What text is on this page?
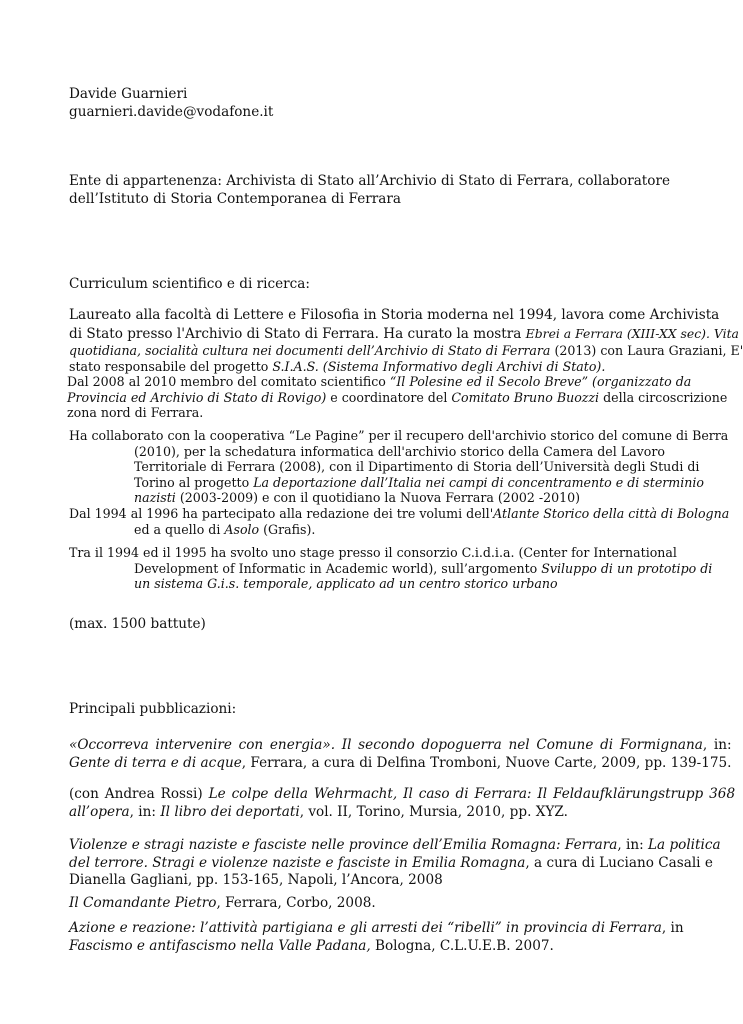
Davide Guarnieri
guarnieri.davide@vodafone.it
Ente di appartenenza: Archivista di Stato all’Archivio di Stato di Ferrara, collaboratore
dell’Istituto di Storia Contemporanea di Ferrara
Curriculum scientifico e di ricerca:
Laureato alla facoltà di Lettere e Filosofia in Storia moderna nel 1994, lavora come Archivista
di Stato presso l'Archivio di Stato di Ferrara. Ha curato la mostra Ebrei a Ferrara (XIII-XX sec). Vita
quotidiana, socialità cultura nei documenti dell’Archivio di Stato di Ferrara (2013) con Laura Graziani, E'
stato responsabile del progetto S.I.A.S. (Sistema Informativo degli Archivi di Stato).
Dal 2008 al 2010 membro del comitato scientifico “Il Polesine ed il Secolo Breve” (organizzato da
Provincia ed Archivio di Stato di Rovigo) e coordinatore del Comitato Bruno Buozzi della circoscrizione
zona nord di Ferrara.
Ha collaborato con la cooperativa “Le Pagine” per il recupero dell'archivio storico del comune di Berra
(2010), per la schedatura informatica dell'archivio storico della Camera del Lavoro
Territoriale di Ferrara (2008), con il Dipartimento di Storia dell’Università degli Studi di
Torino al progetto La deportazione dall’Italia nei campi di concentramento e di sterminio
nazisti (2003-2009) e con il quotidiano la Nuova Ferrara (2002 -2010)
Dal 1994 al 1996 ha partecipato alla redazione dei tre volumi dell'Atlante Storico della città di Bologna
ed a quello di Asolo (Grafis).
Tra il 1994 ed il 1995 ha svolto uno stage presso il consorzio C.i.d.i.a. (Center for International
Development of Informatic in Academic world), sull’argomento Sviluppo di un prototipo di
un sistema G.i.s. temporale, applicato ad un centro storico urbano
(max. 1500 battute)
Principali pubblicazioni:
«Occorreva intervenire con energia». Il secondo dopoguerra nel Comune di Formignana, in:
Gente di terra e di acque, Ferrara, a cura di Delfina Tromboni, Nuove Carte, 2009, pp. 139-175.
(con Andrea Rossi) Le colpe della Wehrmacht, Il caso di Ferrara: Il Feldaufklärungstrupp 368
all’opera, in: Il libro dei deportati, vol. II, Torino, Mursia, 2010, pp. XYZ.
Violenze e stragi naziste e fasciste nelle province dell’Emilia Romagna: Ferrara, in: La politica
del terrore. Stragi e violenze naziste e fasciste in Emilia Romagna, a cura di Luciano Casali e
Dianella Gagliani, pp. 153-165, Napoli, l’Ancora, 2008
Il Comandante Pietro, Ferrara, Corbo, 2008.
Azione e reazione: l’attività partigiana e gli arresti dei “ribelli” in provincia di Ferrara, in
Fascismo e antifascismo nella Valle Padana, Bologna, C.L.U.E.B. 2007.
